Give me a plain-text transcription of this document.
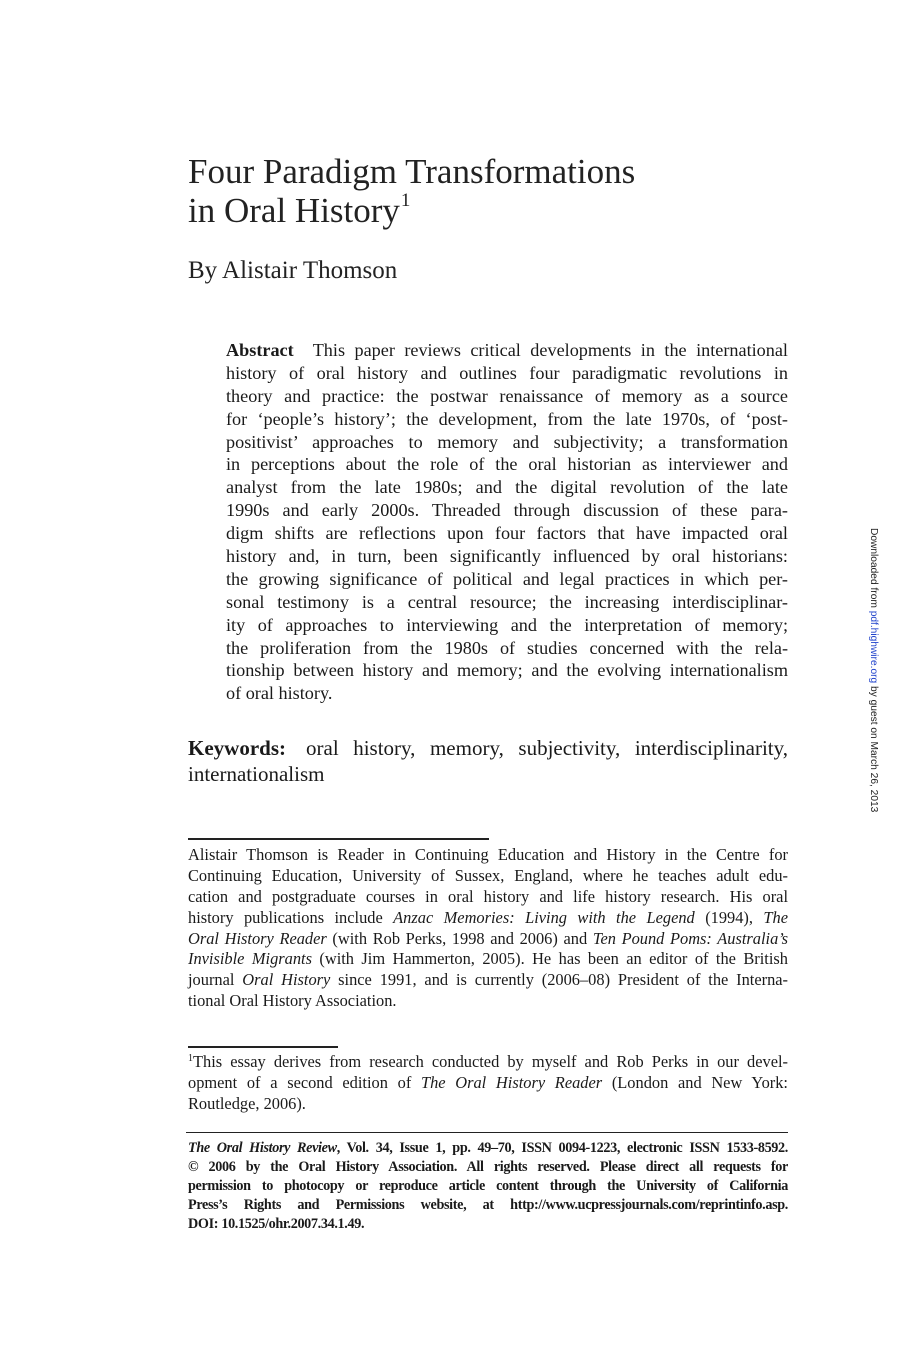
Four Paradigm Transformations
in Oral History$^1$
By Alistair Thomson
Abstract This paper reviews critical developments in the international
history of oral history and outlines four paradigmatic revolutions in
theory and practice: the postwar renaissance of memory as a source
for ‘people’s history’; the development, from the late 1970s, of ‘post-
positivist’ approaches to memory and subjectivity; a transformation
in perceptions about the role of the oral historian as interviewer and
analyst from the late 1980s; and the digital revolution of the late
1990s and early 2000s. Threaded through discussion of these para-
digm shifts are reflections upon four factors that have impacted oral
history and, in turn, been significantly influenced by oral historians:
the growing significance of political and legal practices in which per-
sonal testimony is a central resource; the increasing interdisciplinar-
ity of approaches to interviewing and the interpretation of memory;
the proliferation from the 1980s of studies concerned with the rela-
tionship between history and memory; and the evolving internationalism
of oral history.
Keywords: oral history, memory, subjectivity, interdisciplinarity,
internationalism
Alistair Thomson is Reader in Continuing Education and History in the Centre for
Continuing Education, University of Sussex, England, where he teaches adult edu-
cation and postgraduate courses in oral history and life history research. His oral
history publications include Anzac Memories: Living with the Legend (1994), The
Oral History Reader (with Rob Perks, 1998 and 2006) and Ten Pound Poms: Australia’s
Invisible Migrants (with Jim Hammerton, 2005). He has been an editor of the British
journal Oral History since 1991, and is currently (2006–08) President of the Interna-
tional Oral History Association.
$^1$This essay derives from research conducted by myself and Rob Perks in our devel-
opment of a second edition of The Oral History Reader (London and New York:
Routledge, 2006).
The Oral History Review, Vol. 34, Issue 1, pp. 49–70, ISSN 0094-1223, electronic ISSN 1533-8592.
© 2006 by the Oral History Association. All rights reserved. Please direct all requests for
permission to photocopy or reproduce article content through the University of California
Press’s Rights and Permissions website, at http://www.ucpressjournals.com/reprintinfo.asp.
DOI: 10.1525/ohr.2007.34.1.49.
Downloaded from pdf.highwire.org by guest on March 26, 2013
